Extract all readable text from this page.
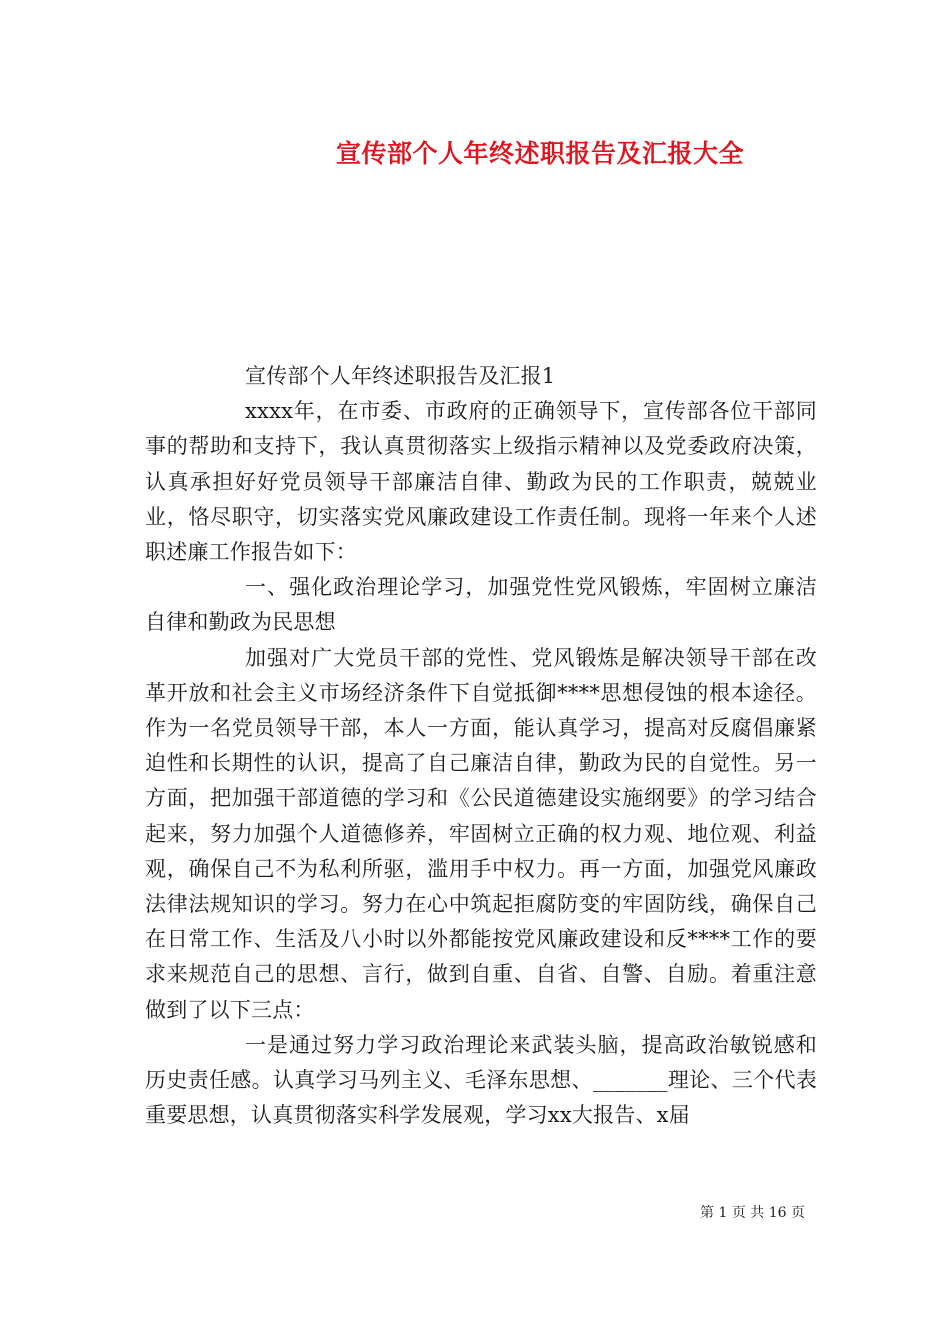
宣传部个人年终述职报告及汇报大全

宣传部个人年终述职报告及汇报1

xxxx年，在市委、市政府的正确领导下，宣传部各位干部同事的帮助和支持下，我认真贯彻落实上级指示精神以及党委政府决策，认真承担好好党员领导干部廉洁自律、勤政为民的工作职责，兢兢业业，恪尽职守，切实落实党风廉政建设工作责任制。现将一年来个人述职述廉工作报告如下：

一、强化政治理论学习，加强党性党风锻炼，牢固树立廉洁自律和勤政为民思想

加强对广大党员干部的党性、党风锻炼是解决领导干部在改革开放和社会主义市场经济条件下自觉抵御****思想侵蚀的根本途径。作为一名党员领导干部，本人一方面，能认真学习，提高对反腐倡廉紧迫性和长期性的认识，提高了自己廉洁自律，勤政为民的自觉性。另一方面，把加强干部道德的学习和《公民道德建设实施纲要》的学习结合起来，努力加强个人道德修养，牢固树立正确的权力观、地位观、利益观，确保自己不为私利所驱，滥用手中权力。再一方面，加强党风廉政法律法规知识的学习。努力在心中筑起拒腐防变的牢固防线，确保自己在日常工作、生活及八小时以外都能按党风廉政建设和反****工作的要求来规范自己的思想、言行，做到自重、自省、自警、自励。着重注意做到了以下三点：

一是通过努力学习政治理论来武装头脑，提高政治敏锐感和历史责任感。认真学习马列主义、毛泽东思想、_______理论、三个代表重要思想，认真贯彻落实科学发展观，学习xx大报告、x届

第 1 页 共 16 页
